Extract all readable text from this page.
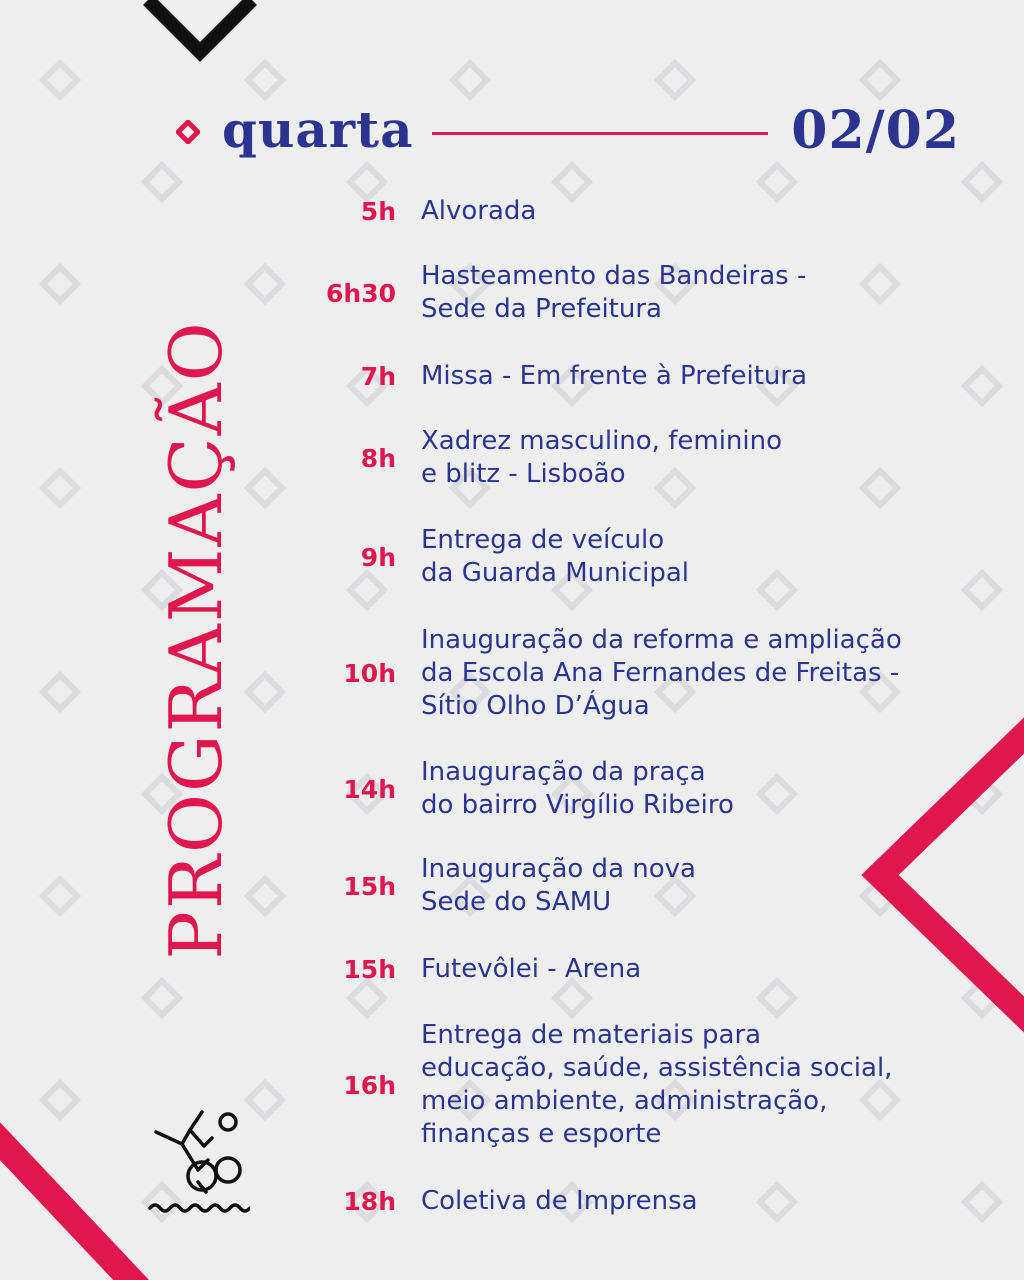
quarta	02/02
PROGRAMAÇÃO
5h Alvorada
6h30
Hasteamento das Bandeiras -
Sede da Prefeitura
7h Missa - Em frente à Prefeitura
8h
Xadrez masculino, feminino
e blitz - Lisboão
9h
Entrega de veículo
da Guarda Municipal
10h
Inauguração da reforma e ampliação
da Escola Ana Fernandes de Freitas -
Sítio Olho D’Água
14h
Inauguração da praça
do bairro Virgílio Ribeiro
15h
Inauguração da nova
Sede do SAMU
15h Futevôlei - Arena
16h
Entrega de materiais para
educação, saúde, assistência social,
meio ambiente, administração,
finanças e esporte
18h Coletiva de Imprensa
